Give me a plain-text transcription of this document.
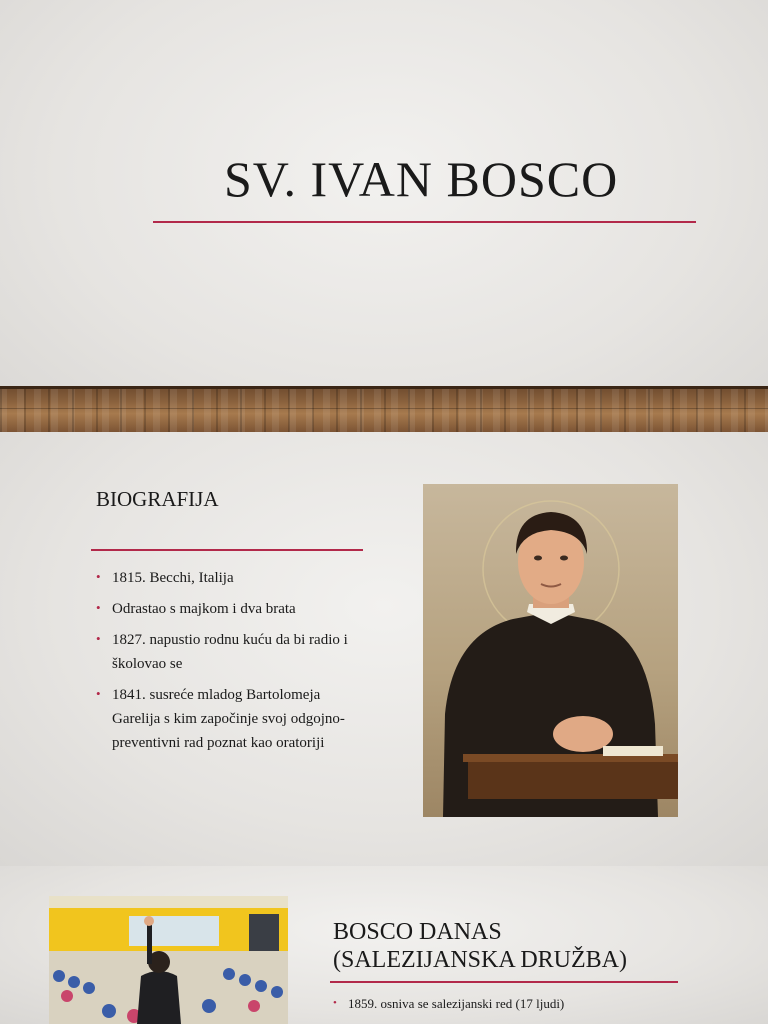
SV. IVAN BOSCO
BIOGRAFIJA
• 1815. Becchi, Italija
• Odrastao s majkom i dva brata
• 1827. napustio rodnu kuću da bi radio i školovao se
• 1841. susreće mladog Bartolomeja Garelija s kim započinje svoj odgojno-preventivni rad poznat kao oratoriji
BOSCO DANAS
(SALEZIJANSKA DRUŽBA)
• 1859. osniva se salezijanski red (17 ljudi)
